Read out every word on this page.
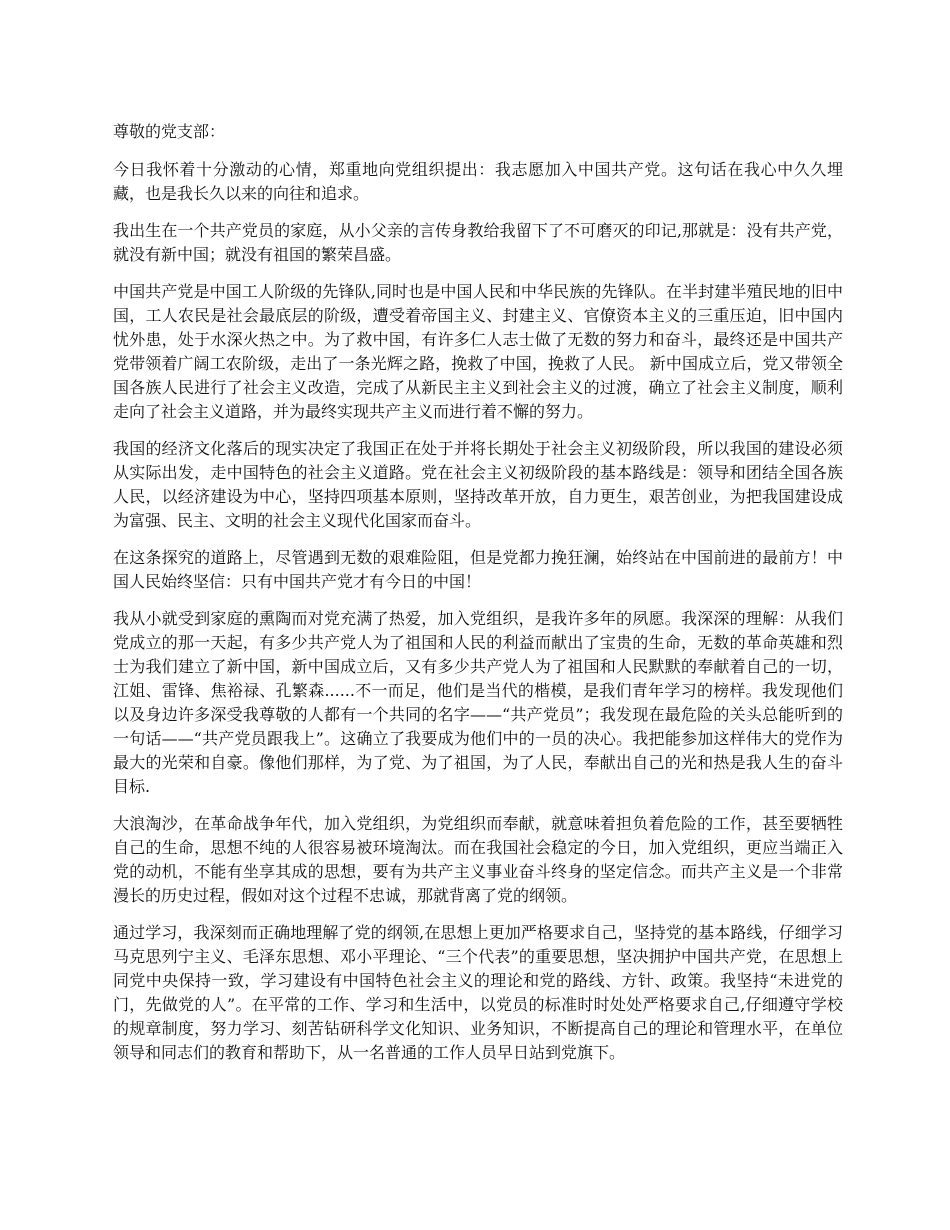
尊敬的党支部：

今日我怀着十分激动的心情，郑重地向党组织提出：我志愿加入中国共产党。这句话在我心中久久埋藏，也是我长久以来的向往和追求。

我出生在一个共产党员的家庭，从小父亲的言传身教给我留下了不可磨灭的印记,那就是：没有共产党，就没有新中国；就没有祖国的繁荣昌盛。

中国共产党是中国工人阶级的先锋队,同时也是中国人民和中华民族的先锋队。在半封建半殖民地的旧中国，工人农民是社会最底层的阶级，遭受着帝国主义、封建主义、官僚资本主义的三重压迫，旧中国内忧外患，处于水深火热之中。为了救中国，有许多仁人志士做了无数的努力和奋斗，最终还是中国共产党带领着广阔工农阶级，走出了一条光辉之路，挽救了中国，挽救了人民。 新中国成立后，党又带领全国各族人民进行了社会主义改造，完成了从新民主主义到社会主义的过渡，确立了社会主义制度，顺利走向了社会主义道路，并为最终实现共产主义而进行着不懈的努力。

我国的经济文化落后的现实决定了我国正在处于并将长期处于社会主义初级阶段，所以我国的建设必须从实际出发，走中国特色的社会主义道路。党在社会主义初级阶段的基本路线是：领导和团结全国各族人民，以经济建设为中心，坚持四项基本原则，坚持改革开放，自力更生，艰苦创业，为把我国建设成为富强、民主、文明的社会主义现代化国家而奋斗。

在这条探究的道路上，尽管遇到无数的艰难险阻，但是党都力挽狂澜，始终站在中国前进的最前方！中国人民始终坚信：只有中国共产党才有今日的中国！

我从小就受到家庭的熏陶而对党充满了热爱，加入党组织，是我许多年的夙愿。我深深的理解：从我们党成立的那一天起，有多少共产党人为了祖国和人民的利益而献出了宝贵的生命，无数的革命英雄和烈士为我们建立了新中国，新中国成立后，又有多少共产党人为了祖国和人民默默的奉献着自己的一切，江姐、雷锋、焦裕禄、孔繁森......不一而足，他们是当代的楷模，是我们青年学习的榜样。我发现他们以及身边许多深受我尊敬的人都有一个共同的名字——“共产党员”；我发现在最危险的关头总能听到的一句话——“共产党员跟我上”。这确立了我要成为他们中的一员的决心。我把能参加这样伟大的党作为最大的光荣和自豪。像他们那样，为了党、为了祖国，为了人民，奉献出自己的光和热是我人生的奋斗目标.

大浪淘沙，在革命战争年代，加入党组织，为党组织而奉献，就意味着担负着危险的工作，甚至要牺牲自己的生命，思想不纯的人很容易被环境淘汰。而在我国社会稳定的今日，加入党组织，更应当端正入党的动机，不能有坐享其成的思想，要有为共产主义事业奋斗终身的坚定信念。而共产主义是一个非常漫长的历史过程，假如对这个过程不忠诚，那就背离了党的纲领。

通过学习，我深刻而正确地理解了党的纲领,在思想上更加严格要求自己，坚持党的基本路线，仔细学习马克思列宁主义、毛泽东思想、邓小平理论、“三个代表”的重要思想，坚决拥护中国共产党，在思想上同党中央保持一致，学习建设有中国特色社会主义的理论和党的路线、方针、政策。我坚持“未进党的门，先做党的人”。在平常的工作、学习和生活中，以党员的标准时时处处严格要求自己,仔细遵守学校的规章制度，努力学习、刻苦钻研科学文化知识、业务知识，不断提高自己的理论和管理水平，在单位领导和同志们的教育和帮助下，从一名普通的工作人员早日站到党旗下。
